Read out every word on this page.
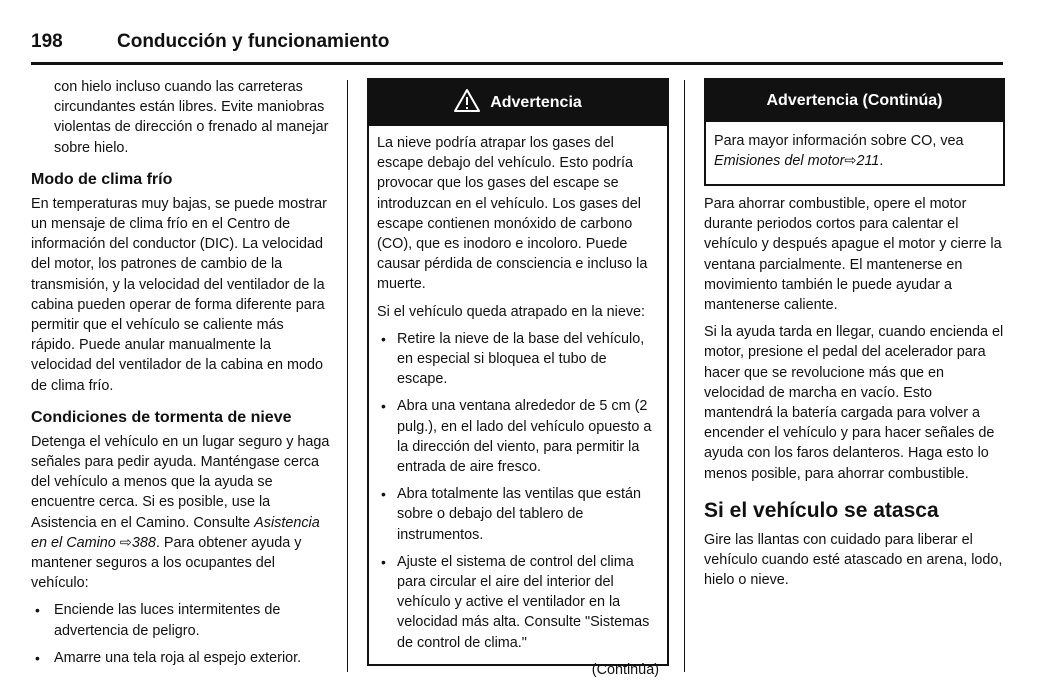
198	Conducción y funcionamiento

con hielo incluso cuando las carreteras circundantes están libres. Evite maniobras violentas de dirección o frenado al manejar sobre hielo.

Modo de clima frío

En temperaturas muy bajas, se puede mostrar un mensaje de clima frío en el Centro de información del conductor (DIC). La velocidad del motor, los patrones de cambio de la transmisión, y la velocidad del ventilador de la cabina pueden operar de forma diferente para permitir que el vehículo se caliente más rápido. Puede anular manualmente la velocidad del ventilador de la cabina en modo de clima frío.

Condiciones de tormenta de nieve

Detenga el vehículo en un lugar seguro y haga señales para pedir ayuda. Manténgase cerca del vehículo a menos que la ayuda se encuentre cerca. Si es posible, use la Asistencia en el Camino. Consulte Asistencia en el Camino ⇨388. Para obtener ayuda y mantener seguros a los ocupantes del vehículo:

• Enciende las luces intermitentes de advertencia de peligro.
• Amarre una tela roja al espejo exterior.
Advertencia

La nieve podría atrapar los gases del escape debajo del vehículo. Esto podría provocar que los gases del escape se introduzcan en el vehículo. Los gases del escape contienen monóxido de carbono (CO), que es inodoro e incoloro. Puede causar pérdida de consciencia e incluso la muerte.

Si el vehículo queda atrapado en la nieve:

• Retire la nieve de la base del vehículo, en especial si bloquea el tubo de escape.
• Abra una ventana alrededor de 5 cm (2 pulg.), en el lado del vehículo opuesto a la dirección del viento, para permitir la entrada de aire fresco.
• Abra totalmente las ventilas que están sobre o debajo del tablero de instrumentos.
• Ajuste el sistema de control del clima para circular el aire del interior del vehículo y active el ventilador en la velocidad más alta. Consulte "Sistemas de control de clima."
(Continúa)
Advertencia (Continúa)

Para mayor información sobre CO, vea Emisiones del motor⇨211.

Para ahorrar combustible, opere el motor durante periodos cortos para calentar el vehículo y después apague el motor y cierre la ventana parcialmente. El mantenerse en movimiento también le puede ayudar a mantenerse caliente.

Si la ayuda tarda en llegar, cuando encienda el motor, presione el pedal del acelerador para hacer que se revolucione más que en velocidad de marcha en vacío. Esto mantendrá la batería cargada para volver a encender el vehículo y para hacer señales de ayuda con los faros delanteros. Haga esto lo menos posible, para ahorrar combustible.

Si el vehículo se atasca

Gire las llantas con cuidado para liberar el vehículo cuando esté atascado en arena, lodo, hielo o nieve.
